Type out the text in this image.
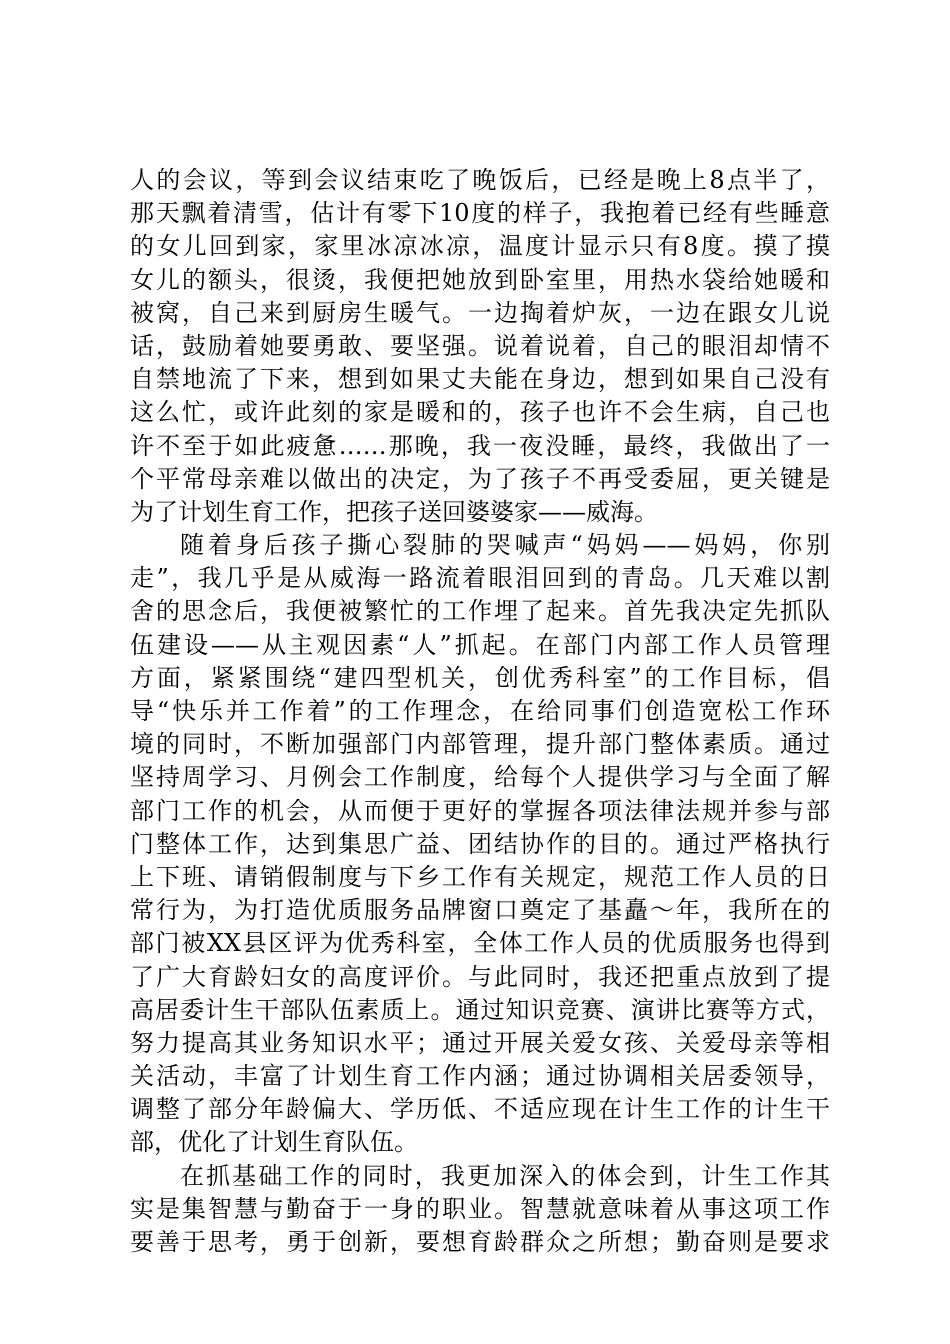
人的会议，等到会议结束吃了晚饭后，已经是晚上8点半了，
那天飘着清雪，估计有零下10度的样子，我抱着已经有些睡意
的女儿回到家，家里冰凉冰凉，温度计显示只有8度。摸了摸
女儿的额头，很烫，我便把她放到卧室里，用热水袋给她暖和
被窝，自己来到厨房生暖气。一边掏着炉灰，一边在跟女儿说
话，鼓励着她要勇敢、要坚强。说着说着，自己的眼泪却情不
自禁地流了下来，想到如果丈夫能在身边，想到如果自己没有
这么忙，或许此刻的家是暖和的，孩子也许不会生病，自己也
许不至于如此疲惫……那晚，我一夜没睡，最终，我做出了一
个平常母亲难以做出的决定，为了孩子不再受委屈，更关键是
为了计划生育工作，把孩子送回婆婆家——威海。
随着身后孩子撕心裂肺的哭喊声“妈妈——妈妈，你别
走”，我几乎是从威海一路流着眼泪回到的青岛。几天难以割
舍的思念后，我便被繁忙的工作埋了起来。首先我决定先抓队
伍建设——从主观因素“人”抓起。在部门内部工作人员管理
方面，紧紧围绕“建四型机关，创优秀科室”的工作目标，倡
导“快乐并工作着”的工作理念，在给同事们创造宽松工作环
境的同时，不断加强部门内部管理，提升部门整体素质。通过
坚持周学习、月例会工作制度，给每个人提供学习与全面了解
部门工作的机会，从而便于更好的掌握各项法律法规并参与部
门整体工作，达到集思广益、团结协作的目的。通过严格执行
上下班、请销假制度与下乡工作有关规定，规范工作人员的日
常行为，为打造优质服务品牌窗口奠定了基矗～年，我所在的
部门被XX县区评为优秀科室，全体工作人员的优质服务也得到
了广大育龄妇女的高度评价。与此同时，我还把重点放到了提
高居委计生干部队伍素质上。通过知识竞赛、演讲比赛等方式，
努力提高其业务知识水平；通过开展关爱女孩、关爱母亲等相
关活动，丰富了计划生育工作内涵；通过协调相关居委领导，
调整了部分年龄偏大、学历低、不适应现在计生工作的计生干
部，优化了计划生育队伍。
在抓基础工作的同时，我更加深入的体会到，计生工作其
实是集智慧与勤奋于一身的职业。智慧就意味着从事这项工作
要善于思考，勇于创新，要想育龄群众之所想；勤奋则是要求
